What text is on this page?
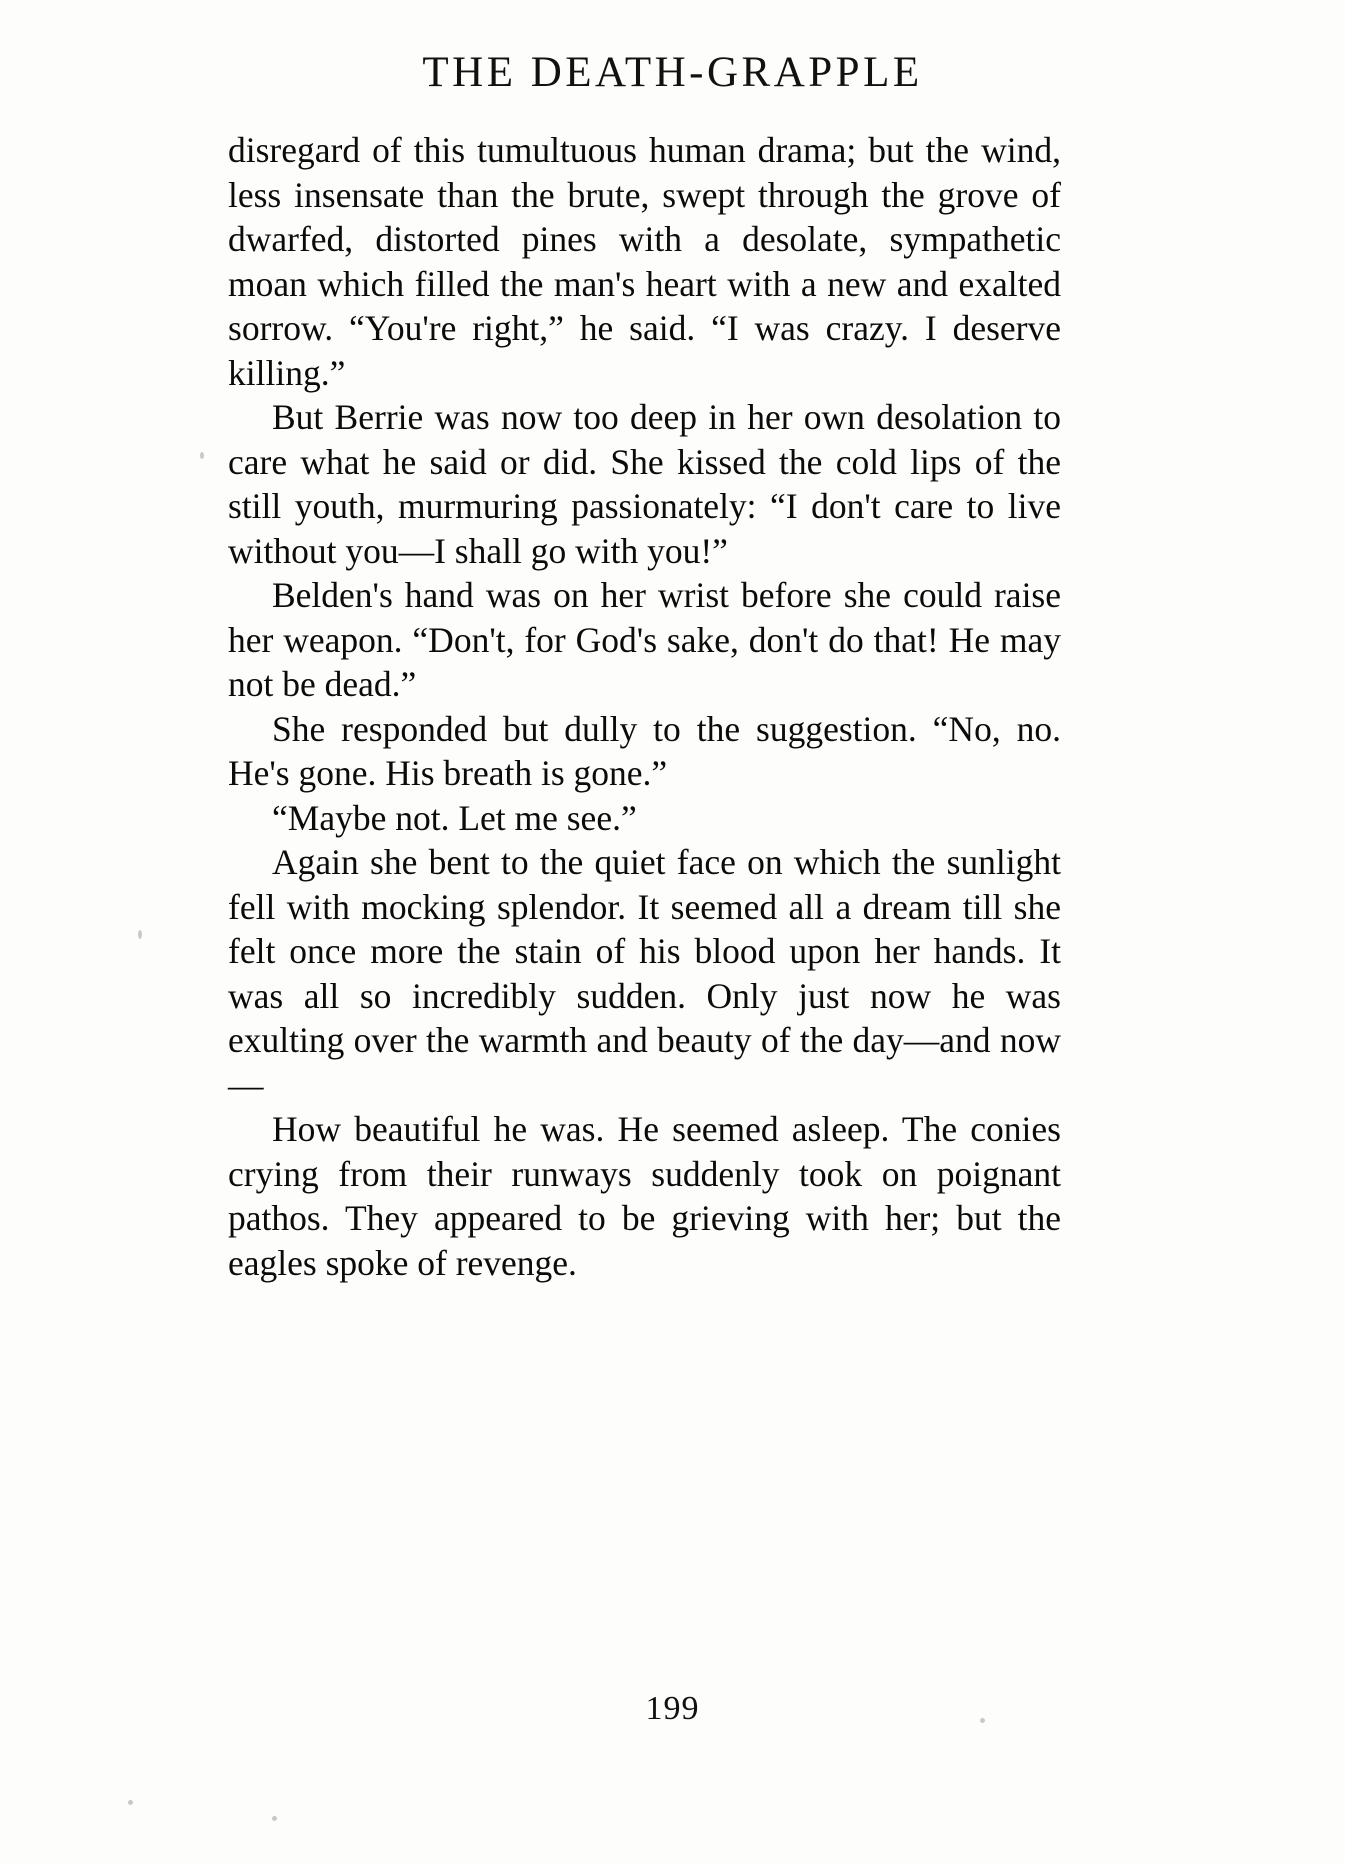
THE DEATH-GRAPPLE

disregard of this tumultuous human drama; but the wind, less insensate than the brute, swept through the grove of dwarfed, distorted pines with a desolate, sympathetic moan which filled the man's heart with a new and exalted sorrow. “You're right,” he said. “I was crazy. I deserve killing.”

But Berrie was now too deep in her own desolation to care what he said or did. She kissed the cold lips of the still youth, murmuring passionately: “I don't care to live without you—I shall go with you!”

Belden's hand was on her wrist before she could raise her weapon. “Don't, for God's sake, don't do that! He may not be dead.”

She responded but dully to the suggestion. “No, no. He's gone. His breath is gone.”

“Maybe not. Let me see.”

Again she bent to the quiet face on which the sunlight fell with mocking splendor. It seemed all a dream till she felt once more the stain of his blood upon her hands. It was all so incredibly sudden. Only just now he was exulting over the warmth and beauty of the day—and now—

How beautiful he was. He seemed asleep. The conies crying from their runways suddenly took on poignant pathos. They appeared to be grieving with her; but the eagles spoke of revenge.

199
